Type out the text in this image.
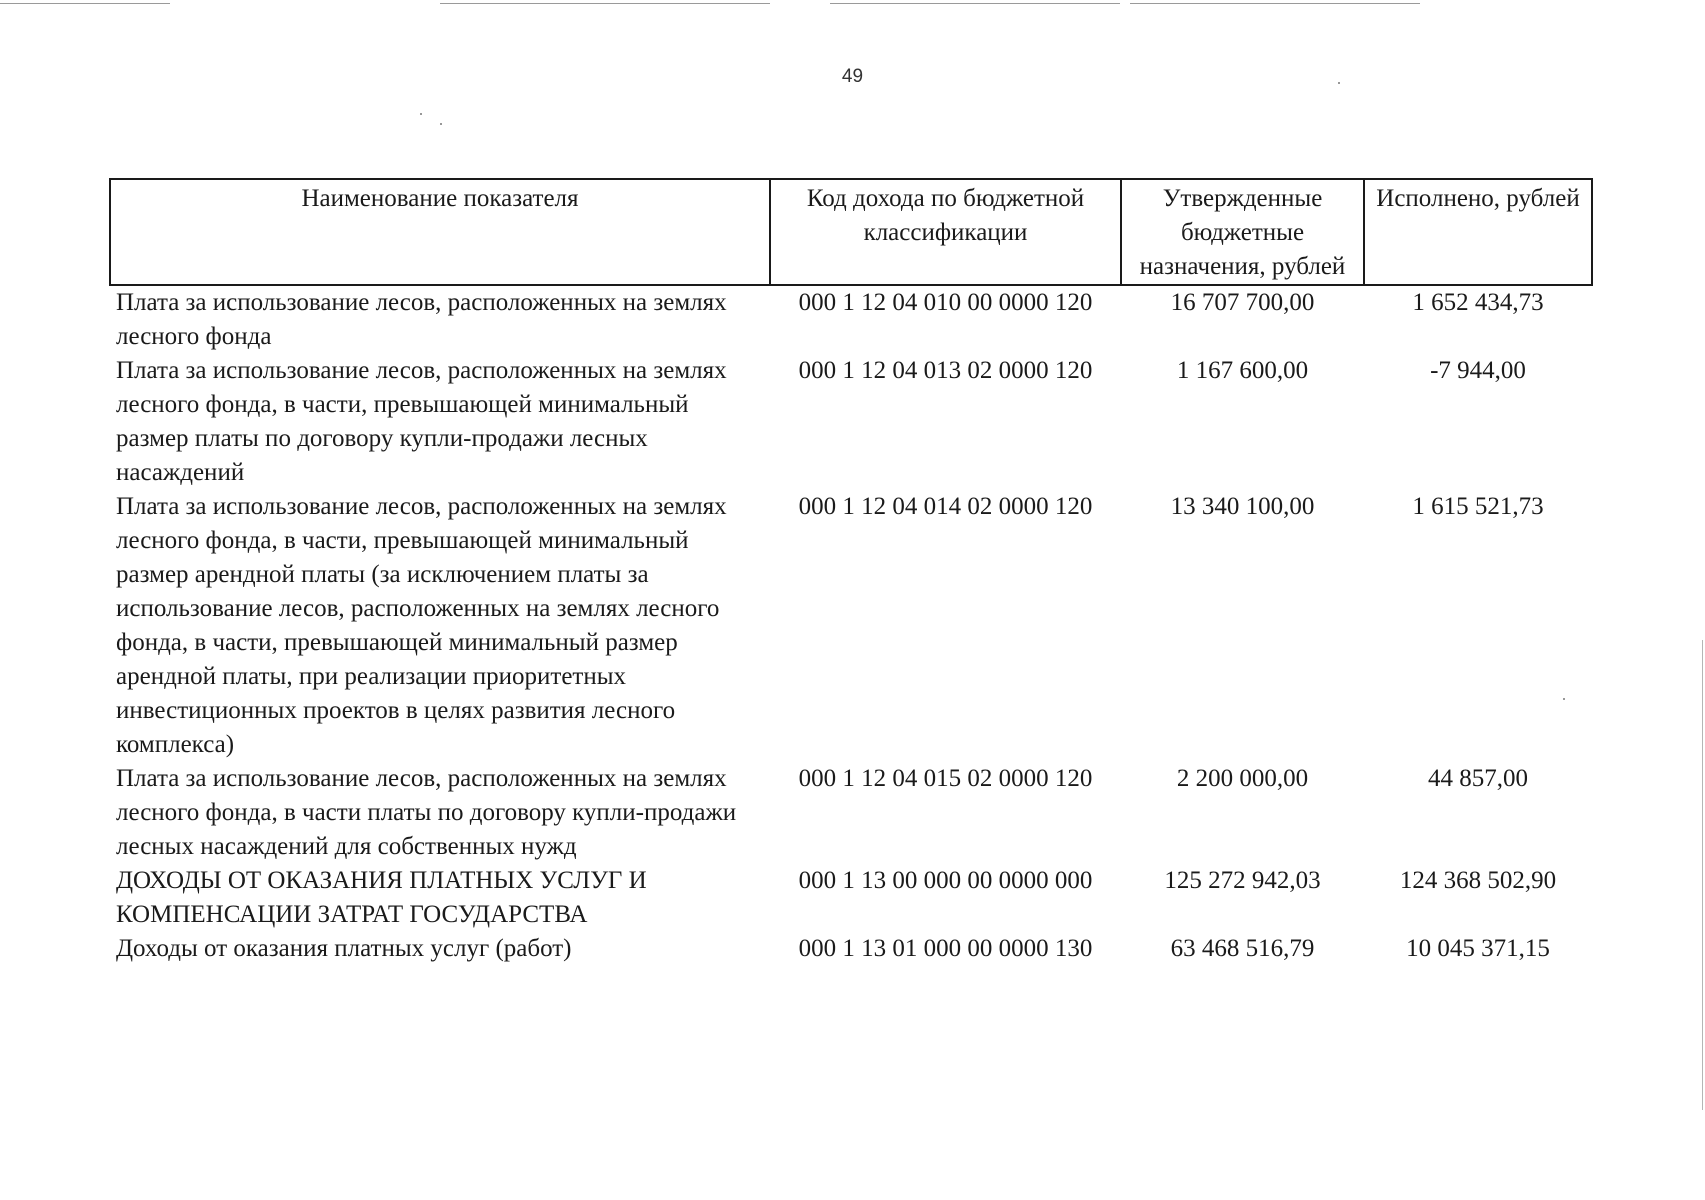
49
Наименование показателя	Код дохода по бюджетной классификации	Утвержденные бюджетные назначения, рублей	Исполнено, рублей
Плата за использование лесов, расположенных на землях лесного фонда	000 1 12 04 010 00 0000 120	16 707 700,00	1 652 434,73
Плата за использование лесов, расположенных на землях лесного фонда, в части, превышающей минимальный размер платы по договору купли-продажи лесных насаждений	000 1 12 04 013 02 0000 120	1 167 600,00	-7 944,00
Плата за использование лесов, расположенных на землях лесного фонда, в части, превышающей минимальный размер арендной платы (за исключением платы за использование лесов, расположенных на землях лесного фонда, в части, превышающей минимальный размер арендной платы, при реализации приоритетных инвестиционных проектов в целях развития лесного комплекса)	000 1 12 04 014 02 0000 120	13 340 100,00	1 615 521,73
Плата за использование лесов, расположенных на землях лесного фонда, в части платы по договору купли-продажи лесных насаждений для собственных нужд	000 1 12 04 015 02 0000 120	2 200 000,00	44 857,00
ДОХОДЫ ОТ ОКАЗАНИЯ ПЛАТНЫХ УСЛУГ И КОМПЕНСАЦИИ ЗАТРАТ ГОСУДАРСТВА	000 1 13 00 000 00 0000 000	125 272 942,03	124 368 502,90
Доходы от оказания платных услуг (работ)	000 1 13 01 000 00 0000 130	63 468 516,79	10 045 371,15
